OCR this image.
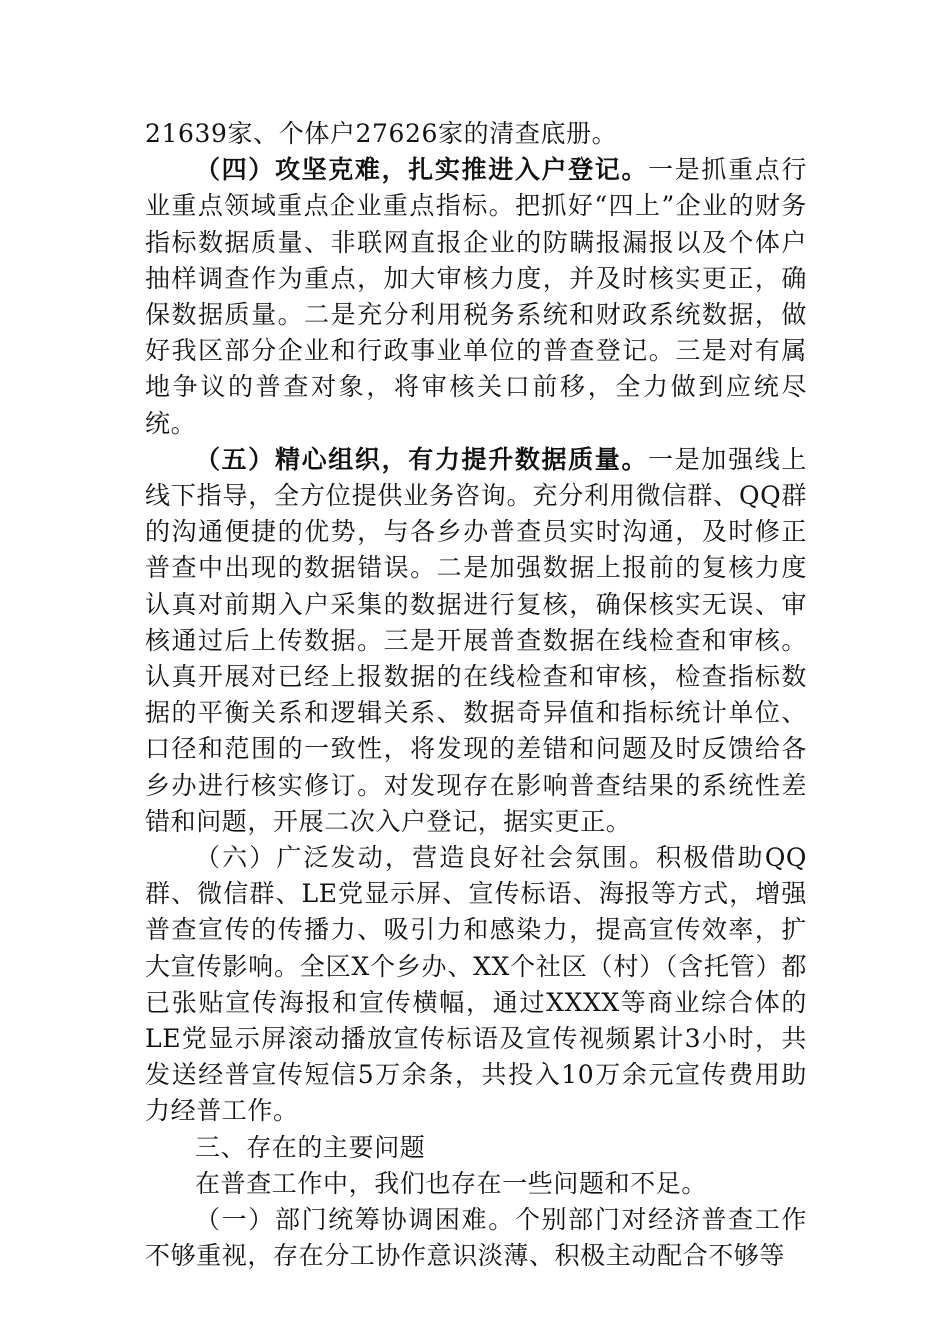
21639家、个体户27626家的清查底册。

（四）攻坚克难，扎实推进入户登记。一是抓重点行业重点领域重点企业重点指标。把抓好“四上”企业的财务指标数据质量、非联网直报企业的防瞒报漏报以及个体户抽样调查作为重点，加大审核力度，并及时核实更正，确保数据质量。二是充分利用税务系统和财政系统数据，做好我区部分企业和行政事业单位的普查登记。三是对有属地争议的普查对象，将审核关口前移，全力做到应统尽统。

（五）精心组织，有力提升数据质量。一是加强线上线下指导，全方位提供业务咨询。充分利用微信群、QQ群的沟通便捷的优势，与各乡办普查员实时沟通，及时修正普查中出现的数据错误。二是加强数据上报前的复核力度认真对前期入户采集的数据进行复核，确保核实无误、审核通过后上传数据。三是开展普查数据在线检查和审核。认真开展对已经上报数据的在线检查和审核，检查指标数据的平衡关系和逻辑关系、数据奇异值和指标统计单位、口径和范围的一致性，将发现的差错和问题及时反馈给各乡办进行核实修订。对发现存在影响普查结果的系统性差错和问题，开展二次入户登记，据实更正。

（六）广泛发动，营造良好社会氛围。积极借助QQ群、微信群、LE党显示屏、宣传标语、海报等方式，增强普查宣传的传播力、吸引力和感染力，提高宣传效率，扩大宣传影响。全区X个乡办、XX个社区（村）（含托管）都已张贴宣传海报和宣传横幅，通过XXXX等商业综合体的LE党显示屏滚动播放宣传标语及宣传视频累计3小时，共发送经普宣传短信5万余条，共投入10万余元宣传费用助力经普工作。

三、存在的主要问题

在普查工作中，我们也存在一些问题和不足。

（一）部门统筹协调困难。个别部门对经济普查工作不够重视，存在分工协作意识淡薄、积极主动配合不够等
